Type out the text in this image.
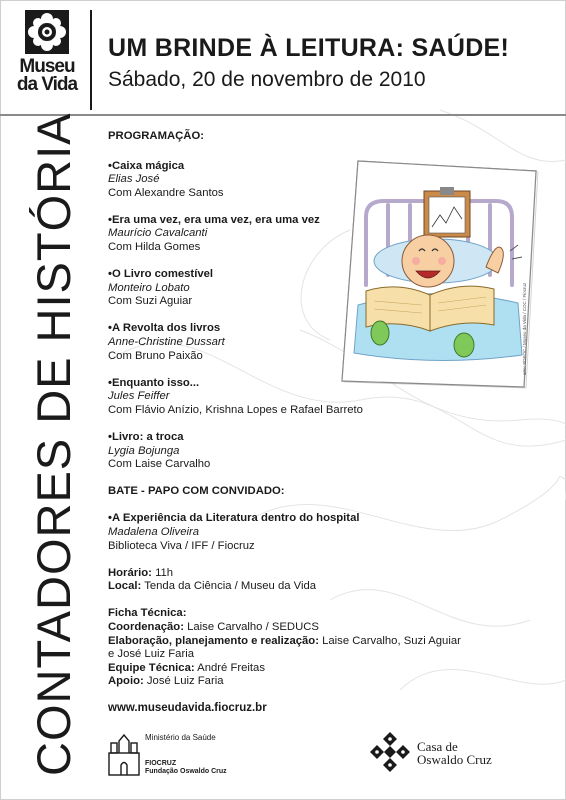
Museu
da Vida
CONTADORES DE HISTÓRIA
UM BRINDE À LEITURA: SAÚDE!
Sábado, 20 de novembro de 2010
arte: SDPOC / Museu da Vida / COC / Fiocruz
PROGRAMAÇÃO:
•Caixa mágica
Elias José
Com Alexandre Santos
•Era uma vez, era uma vez, era uma vez
Maurício Cavalcanti
Com Hilda Gomes
•O Livro comestível
Monteiro Lobato
Com Suzi Aguiar
•A Revolta dos livros
Anne-Christine Dussart
Com Bruno Paixão
•Enquanto isso...
Jules Feiffer
Com Flávio Anízio, Krishna Lopes e Rafael Barreto
•Livro: a troca
Lygia Bojunga
Com Laise Carvalho
BATE - PAPO COM CONVIDADO:
•A Experiência da Literatura dentro do hospital
Madalena Oliveira
Biblioteca Viva / IFF / Fiocruz
Horário: 11h
Local: Tenda da Ciência / Museu da Vida
Ficha Técnica:
Coordenação: Laise Carvalho / SEDUCS
Elaboração, planejamento e realização: Laise Carvalho, Suzi Aguiar
e José Luiz Faria
Equipe Técnica: André Freitas
Apoio: José Luiz Faria
www.museudavida.fiocruz.br
Ministério da Saúde
FIOCRUZ
Fundação Oswaldo Cruz
Casa de
Oswaldo Cruz
